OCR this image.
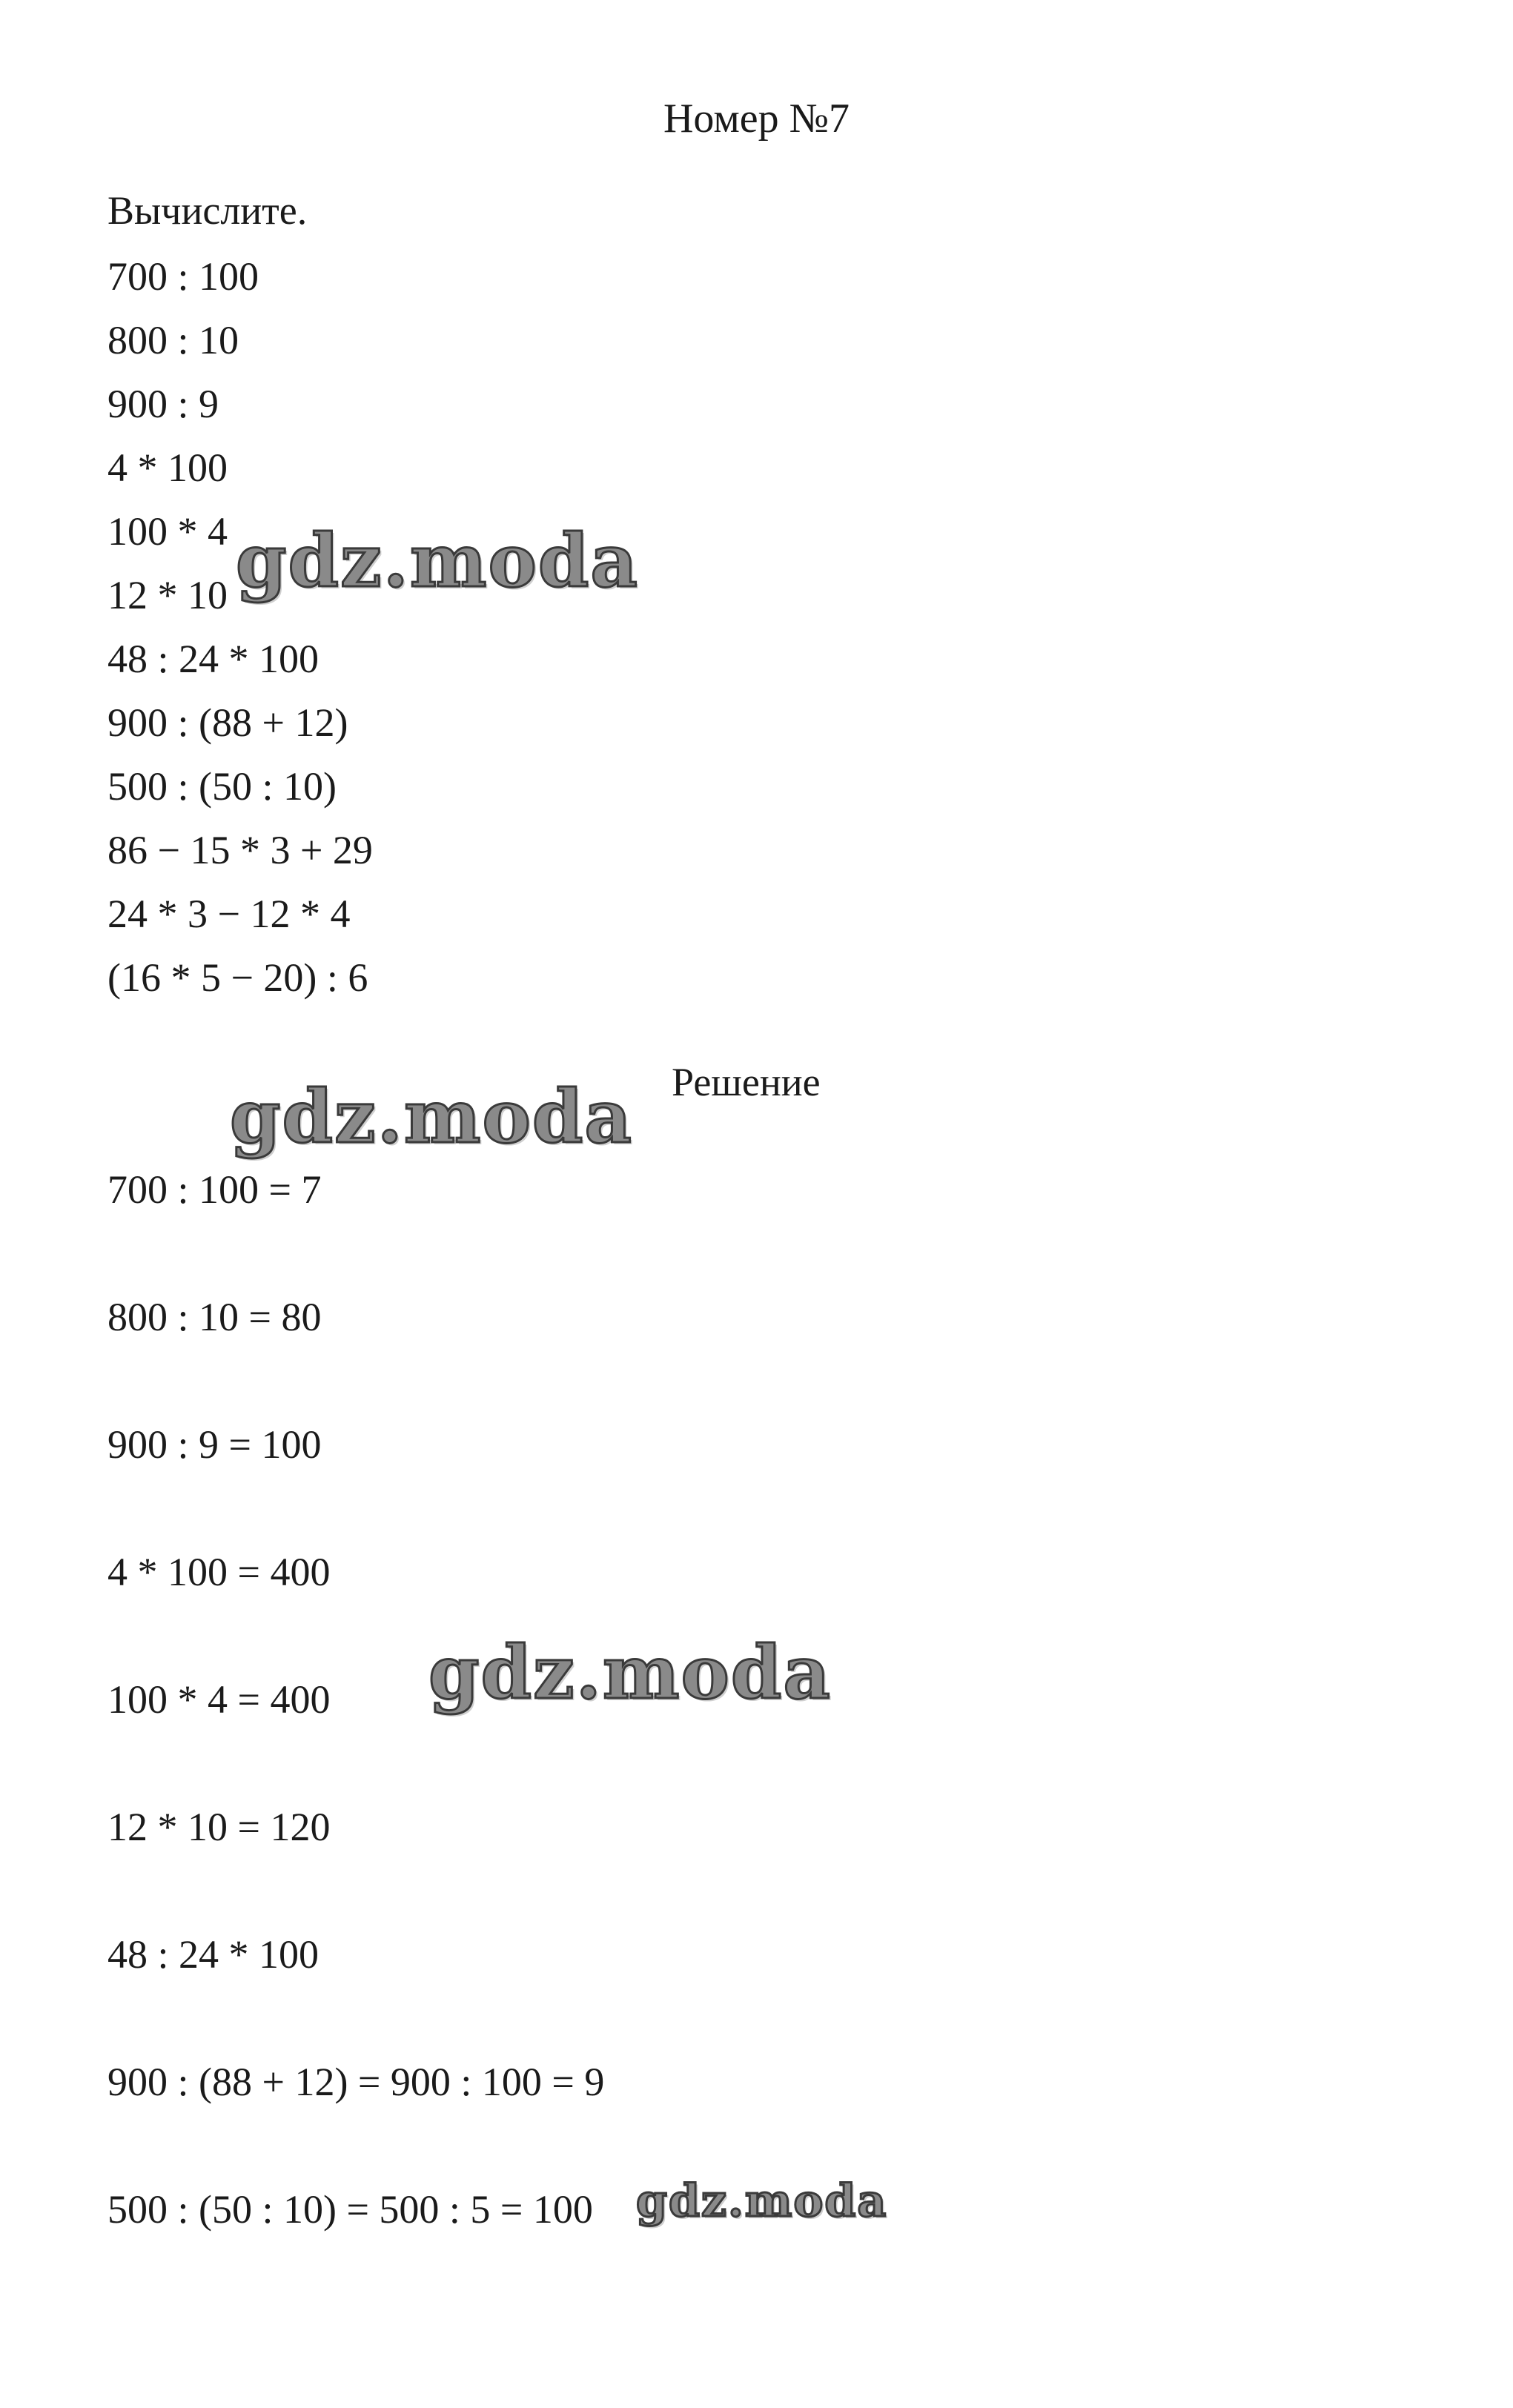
Номер №7
Вычислите.
700 : 100
800 : 10
900 : 9
4 * 100
100 * 4
12 * 10
48 : 24 * 100
900 : (88 + 12)
500 : (50 : 10)
86 − 15 * 3 + 29
24 * 3 − 12 * 4
(16 * 5 − 20) : 6
Решение
700 : 100 = 7
800 : 10 = 80
900 : 9 = 100
4 * 100 = 400
100 * 4 = 400
12 * 10 = 120
48 : 24 * 100
900 : (88 + 12) = 900 : 100 = 9
500 : (50 : 10) = 500 : 5 = 100
gdz.moda
gdz.moda
gdz.moda
gdz.moda
